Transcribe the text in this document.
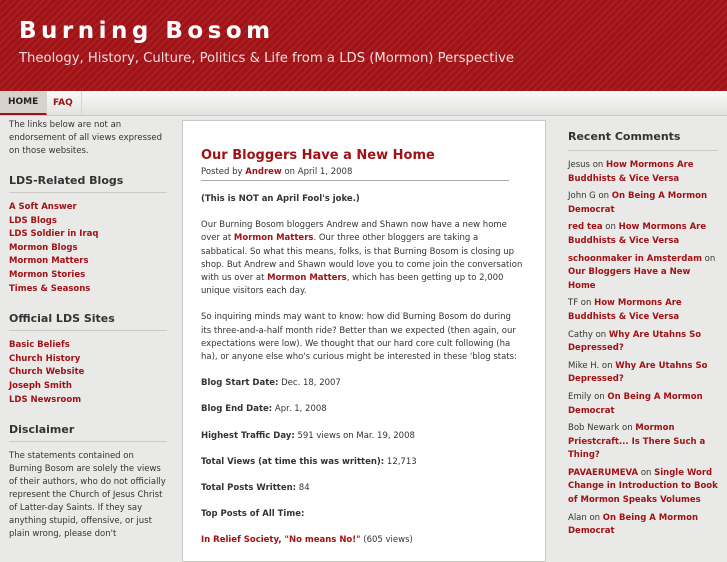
Burning Bosom
Theology, History, Culture, Politics & Life from a LDS (Mormon) Perspective
HOME	FAQ

The links below are not an endorsement of all views expressed on those websites.

LDS-Related Blogs
A Soft Answer
LDS Blogs
LDS Soldier in Iraq
Mormon Blogs
Mormon Matters
Mormon Stories
Times & Seasons
Official LDS Sites
Basic Beliefs
Church History
Church Website
Joseph Smith
LDS Newsroom
Disclaimer

The statements contained on Burning Bosom are solely the views of their authors, who do not officially represent the Church of Jesus Christ of Latter-day Saints. If they say anything stupid, offensive, or just plain wrong, please don't

Our Bloggers Have a New Home
Posted by Andrew on April 1, 2008

(This is NOT an April Fool's joke.)

Our Burning Bosom bloggers Andrew and Shawn now have a new home over at Mormon Matters. Our three other bloggers are taking a sabbatical. So what this means, folks, is that Burning Bosom is closing up shop. But Andrew and Shawn would love you to come join the conversation with us over at Mormon Matters, which has been getting up to 2,000 unique visitors each day.

So inquiring minds may want to know: how did Burning Bosom do during its three-and-a-half month ride? Better than we expected (then again, our expectations were low). We thought that our hard core cult following (ha ha), or anyone else who's curious might be interested in these 'blog stats:

Blog Start Date: Dec. 18, 2007

Blog End Date: Apr. 1, 2008

Highest Traffic Day: 591 views on Mar. 19, 2008

Total Views (at time this was written): 12,713

Total Posts Written: 84

Top Posts of All Time:

In Relief Society, "No means No!" (605 views)

Recent Comments
Jesus on How Mormons Are Buddhists & Vice Versa
John G on On Being A Mormon Democrat
red tea on How Mormons Are Buddhists & Vice Versa
schoonmaker in Amsterdam on Our Bloggers Have a New Home
TF on How Mormons Are Buddhists & Vice Versa
Cathy on Why Are Utahns So Depressed?
Mike H. on Why Are Utahns So Depressed?
Emily on On Being A Mormon Democrat
Bob Newark on Mormon Priestcraft... Is There Such a Thing?
PAVAERUMEVA on Single Word Change in Introduction to Book of Mormon Speaks Volumes
Alan on On Being A Mormon Democrat
